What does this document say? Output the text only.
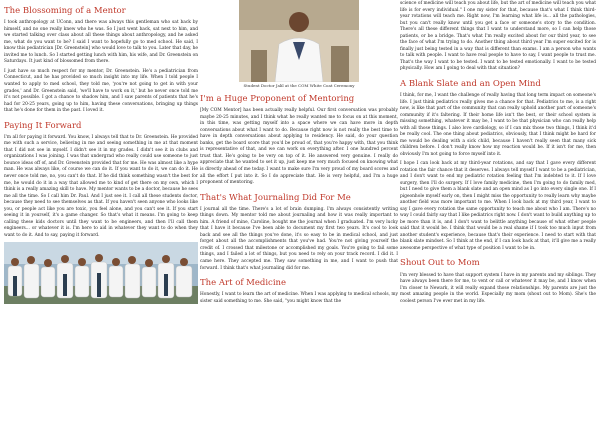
The Blossoming of a Mentor

I took anthropology at UConn, and there was always this gentleman who sat back by himself, and no one really knew who he was. So I just went back, sat next to him, and we started talking over class about all these things about anthropology, and he asked me, what do you want to be? I said I want to hopefully go to med school. He said, I know this pediatrician [Dr. Greenstein] who would love to talk to you. Later that day, he invited me to lunch. So I started getting lunch with him, his wife, and Dr. Greenstein on Saturdays. It just kind of blossomed from there.

I just have so much respect for my mentor, Dr. Greenstein. He's a pediatrician from Connecticut, and he has provided so much insight into my life. When I told people I wanted to apply to med school, they told me, 'you're not going to get in with your grades,' and Dr. Greenstein said, 'we'll have to work on it,' but he never once told me it's not possible. I got a chance to shadow him, and I saw parents of patients that he's had for 20-25 years, going up to him, having these conversations, bringing up things that he's done for them in the past. I loved it.

Paying It Forward

I'm all for paying it forward. You know, I always tell that to Dr. Greenstein. He provided me with such a service, believing in me and seeing something in me at that moment that I did not see in myself. I didn't see it in my grades. I didn't see it in clubs and organizations I was joining. I was that undergrad who really could use someone to just bounce ideas off of, and Dr. Greenstein provided that for me. He was almost like a hype man. He was always like, of course we can do it. If you want to do it, we can do it. He never once told me, no, you can't do that. If he did think something wasn't the best for me, he would do it in a way that allowed me to kind of get there on my own, which I think is a really amazing skill to have. My mentor wants to be a doctor, because he sees me all the time. So I call him Dr. Paul. And I just see it. I call all these students doctor, because they need to see themselves as that. If you haven't seen anyone who looks like you, or people act like you are toxic, you feel alone, and you can't see it. If you start seeing it in yourself, it's a game changer. So that's what it means. I'm going to keep calling these kids doctors until they want to be engineers, and then I'll call them engineers... or whatever it is. I'm here to aid in whatever they want to do when they want to do it. And to say, paying it forward.

Student Doctor Jalil at the COM White Coat Ceremony
I'm a Huge Proponent of Mentoring

[My COM Mentor] has been actually really helpful. Our first conversation was probably maybe 20-25 minutes, and I think what he really wanted me to focus on at this moment, in this time, was getting myself into a space where we can have more in depth conversations about what I want to do. Because right now is not really the best time to have in depth conversations about applying to residency. He said, do your question banks, get the board score that you'd be proud of, that you're happy with, that you think is representative of that, and we can work on everything after. I one hundred percent trust that. He's going to be very on top of it. He answered very genuine. I really do appreciate that he wanted to set it up, just keep me very much focused on knowing what is directly ahead of me today. I want to make sure I'm very proud of my board scores and all the effort I put into it. So I do appreciate that. He is very helpful, and I'm a huge proponent of mentoring.

That's What Journaling Did For Me

I journal all the time. There's a lot of brain dumping. I'm always consistently writing things down. My mentor told me about journaling and how it was really important to him. A friend of mine, Caroline, bought me the journal when I graduated. I'm very lucky that I have it because I've been able to document my first two years. It's cool to look back and see all the things you've done, it's so easy to be in medical school, and just forget about all the accomplishments that you've had. You're not giving yourself the credit of. I crossed that milestone or accomplished my goals. You're going to fail some things, and I failed a lot of things, but you need to rely on your track record. I did it. I came here. They accepted me. They saw something in me, and I want to push that forward. I think that's what journaling did for me.

The Art of Medicine

Honestly, I want to learn the art of medicine. When I was applying to medical schools, my sister said something to me. She said, "you might know that the

science of medicine will teach you about life, but the art of medicine will teach you what life is for every individual." I one my sister for that, because that's what I think third-year rotations will teach me. Right now, I'm learning what life is... all the pathologies, but you can't really know until you get a face or someone's story to the condition. There's all these different things that I want to understand more, so I can help those patients, or be a bridge. That's what I'm really excited about for our third year, to see the face of what I'm trying to do. Another thing about third year I'm super excited for is finally just being tested in a way that is different than exams. I am a person who wants to talk with people. I want to have real people to have to say, I want people to trust me. That's the way I want to be tested. I want to be tested emotionally. I want to be tested physically. How am I going to deal with that situation?

A Blank Slate and an Open Mind

I think, for me, I want the challenge of really having that long term impact on someone's life. I just think pediatrics really gives me a chance for that. Pediatrics to me, is a right now, is like that part of the community that can really uphold another part of someone's community if it's faltering. If their home life isn't the best, or their school system is missing something, whatever it may be, I want to be that physician who can really help with all those things. I also love cardiology, so if I can mix those two things, I think it'd be really cool. The one thing about pediatrics, obviously, that I think might be hard for me would be dealing with a sick child, because I haven't really seen that many sick children before. I don't really know how my reaction would be. If it isn't for me, then obviously I'm not going to force myself into it.

I hope I can look back at my third-year rotations, and say that I gave every different rotation the fair chance that it deserves. I always tell myself I want to be a pediatrician, and I don't want to end my pediatric rotation feeling that I'm indebted to it. If I love surgery, then I'll do surgery. If I love family medicine, then I'm going to do family med, but I need to give them a blank slate and an open mind as I go into every single one. If I pigeonhole myself early on, then I might miss the opportunity to really learn why maybe another field was more important to me. When I look back at my third year, I want to say I gave every rotation the same opportunity to teach me about who I am. There's no way I could fairly say that I like pediatrics right now. I don't want to build anything up to be more than it is, and I don't want to belittle anything because of what other people said that it would be. I think that would be a real shame if I took too much input from another student's experience, because that's their experience. I need to start with that blank slate mindset. So I think at the end, if I can look back at that, it'll give me a really awesome perspective of what type of position I want to be in.

Shout Out to Mom

I'm very blessed to have that support system I have in my parents and my siblings. They have always been there for me, to vent or call or whatever it may be, and I know when I'm closer to Newark, it will really expand those relationships. My parents are just the most amazing people in the world. Especially my mom (shout out to Mom). She's the coolest person I've ever met in my life.
